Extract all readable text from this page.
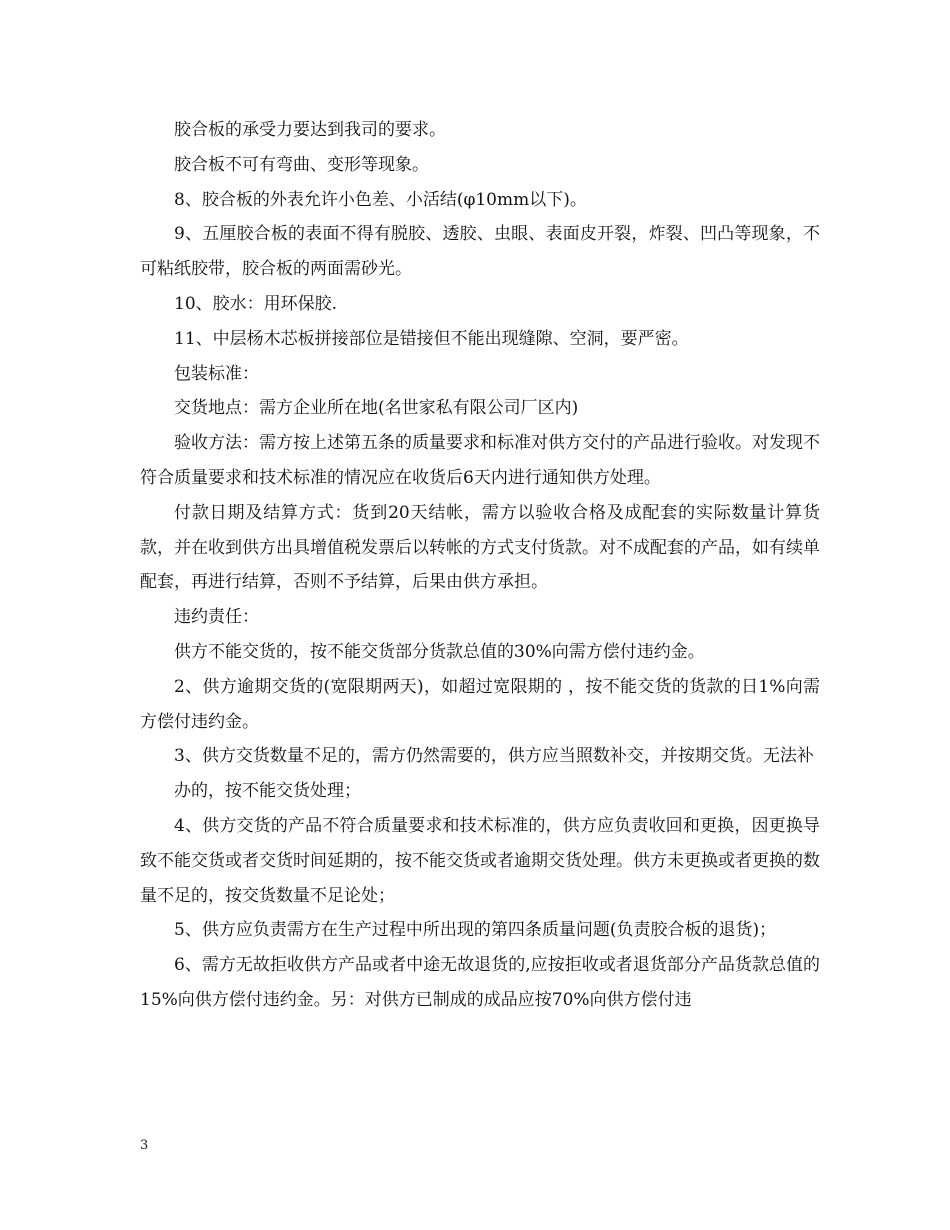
胶合板的承受力要达到我司的要求。

胶合板不可有弯曲、变形等现象。

8、胶合板的外表允许小色差、小活结(φ10mm以下)。

9、五厘胶合板的表面不得有脱胶、透胶、虫眼、表面皮开裂，炸裂、凹凸等现象，不可粘纸胶带，胶合板的两面需砂光。

10、胶水：用环保胶.

11、中层杨木芯板拼接部位是错接但不能出现缝隙、空洞，要严密。

包装标准：

交货地点：需方企业所在地(名世家私有限公司厂区内)

验收方法：需方按上述第五条的质量要求和标准对供方交付的产品进行验收。对发现不符合质量要求和技术标准的情况应在收货后6天内进行通知供方处理。

付款日期及结算方式：货到20天结帐，需方以验收合格及成配套的实际数量计算货款，并在收到供方出具增值税发票后以转帐的方式支付货款。对不成配套的产品，如有续单配套，再进行结算，否则不予结算，后果由供方承担。

违约责任：

供方不能交货的，按不能交货部分货款总值的30%向需方偿付违约金。

2、供方逾期交货的(宽限期两天)，如超过宽限期的 ，按不能交货的货款的日1%向需方偿付违约金。

3、供方交货数量不足的，需方仍然需要的，供方应当照数补交，并按期交货。无法补

办的，按不能交货处理；

4、供方交货的产品不符合质量要求和技术标准的，供方应负责收回和更换，因更换导致不能交货或者交货时间延期的，按不能交货或者逾期交货处理。供方未更换或者更换的数量不足的，按交货数量不足论处；

5、供方应负责需方在生产过程中所出现的第四条质量问题(负责胶合板的退货)；

6、需方无故拒收供方产品或者中途无故退货的,应按拒收或者退货部分产品货款总值的15%向供方偿付违约金。另：对供方已制成的成品应按70%向供方偿付违

3
